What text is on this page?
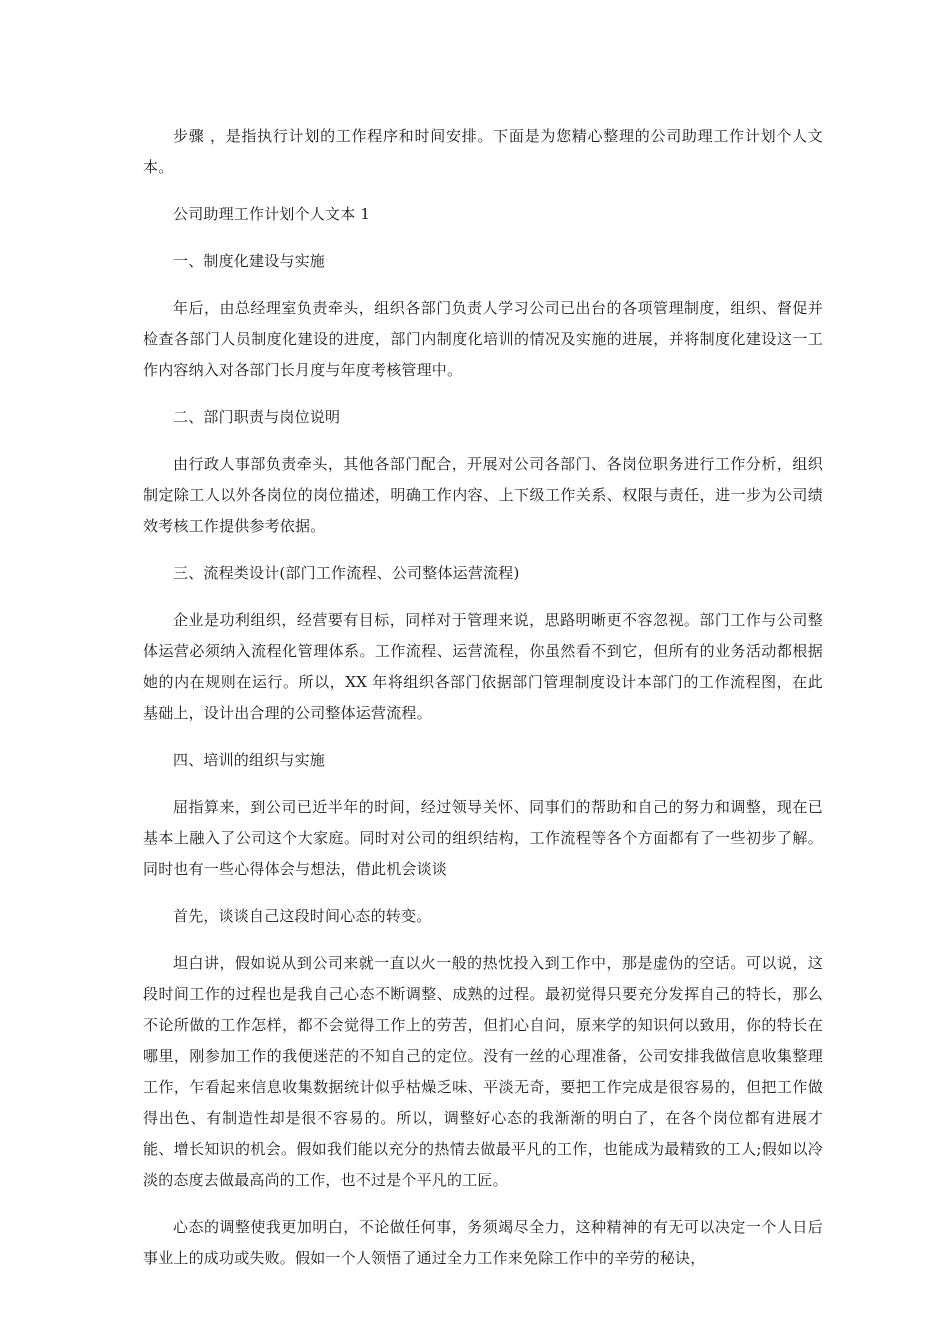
步骤 ，是指执行计划的工作程序和时间安排。下面是为您精心整理的公司助理工作计划个人文本。

公司助理工作计划个人文本 1

一、制度化建设与实施

年后，由总经理室负责牵头，组织各部门负责人学习公司已出台的各项管理制度，组织、督促并检查各部门人员制度化建设的进度，部门内制度化培训的情况及实施的进展，并将制度化建设这一工作内容纳入对各部门长月度与年度考核管理中。

二、部门职责与岗位说明

由行政人事部负责牵头，其他各部门配合，开展对公司各部门、各岗位职务进行工作分析，组织制定除工人以外各岗位的岗位描述，明确工作内容、上下级工作关系、权限与责任，进一步为公司绩效考核工作提供参考依据。

三、流程类设计(部门工作流程、公司整体运营流程)

企业是功利组织，经营要有目标，同样对于管理来说，思路明晰更不容忽视。部门工作与公司整体运营必须纳入流程化管理体系。工作流程、运营流程，你虽然看不到它，但所有的业务活动都根据她的内在规则在运行。所以，XX 年将组织各部门依据部门管理制度设计本部门的工作流程图，在此基础上，设计出合理的公司整体运营流程。

四、培训的组织与实施

屈指算来，到公司已近半年的时间，经过领导关怀、同事们的帮助和自己的努力和调整，现在已基本上融入了公司这个大家庭。同时对公司的组织结构，工作流程等各个方面都有了一些初步了解。同时也有一些心得体会与想法，借此机会谈谈

首先，谈谈自己这段时间心态的转变。

坦白讲，假如说从到公司来就一直以火一般的热忱投入到工作中，那是虚伪的空话。可以说，这段时间工作的过程也是我自己心态不断调整、成熟的过程。最初觉得只要充分发挥自己的特长，那么不论所做的工作怎样，都不会觉得工作上的劳苦，但扪心自问，原来学的知识何以致用，你的特长在哪里，刚参加工作的我便迷茫的不知自己的定位。没有一丝的心理准备，公司安排我做信息收集整理工作，乍看起来信息收集数据统计似乎枯燥乏味、平淡无奇，要把工作完成是很容易的，但把工作做得出色、有制造性却是很不容易的。所以，调整好心态的我渐渐的明白了，在各个岗位都有进展才能、增长知识的机会。假如我们能以充分的热情去做最平凡的工作，也能成为最精致的工人;假如以冷淡的态度去做最高尚的工作，也不过是个平凡的工匠。

心态的调整使我更加明白，不论做任何事，务须竭尽全力，这种精神的有无可以决定一个人日后事业上的成功或失败。假如一个人领悟了通过全力工作来免除工作中的辛劳的秘诀，
